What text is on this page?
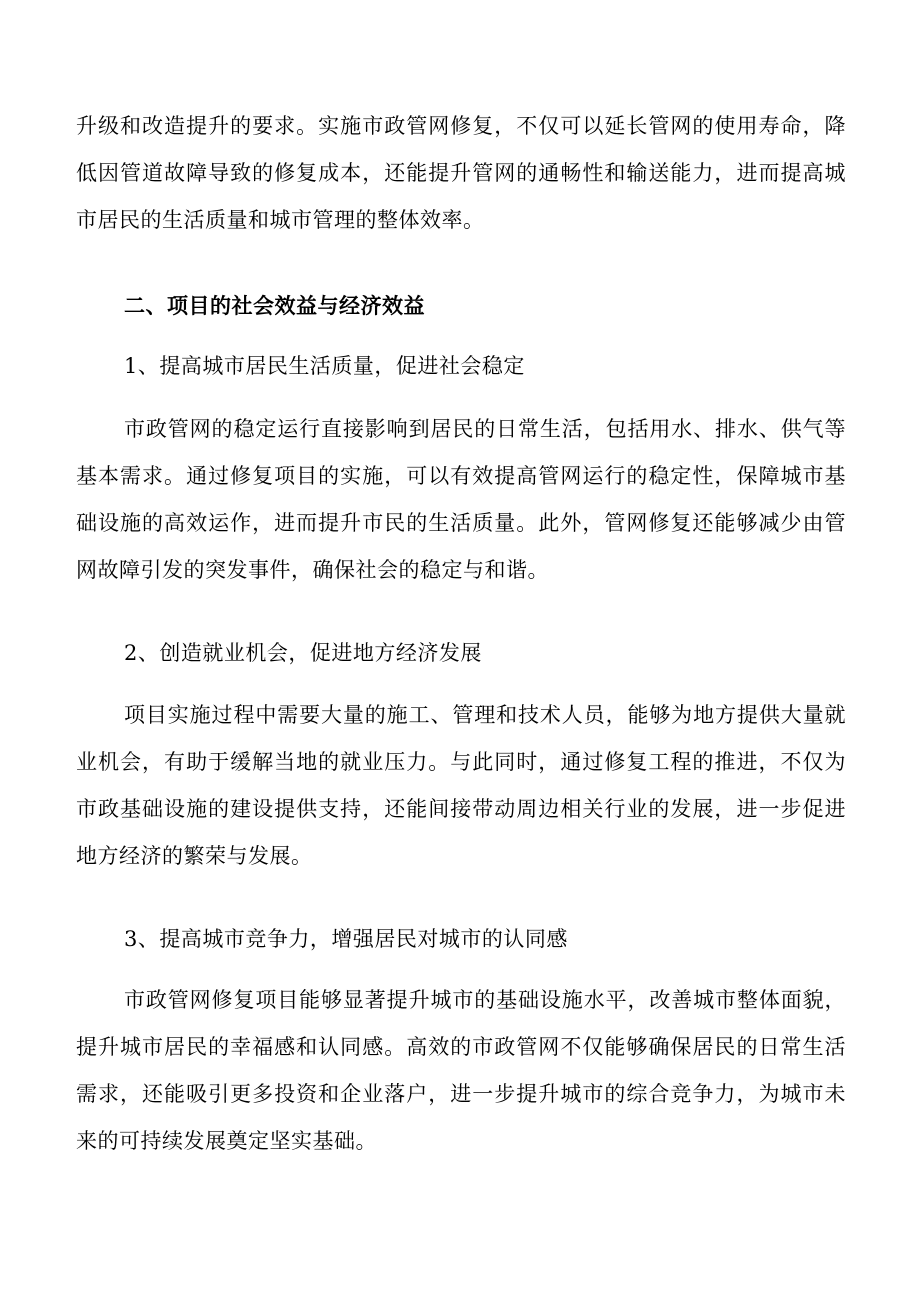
升级和改造提升的要求。实施市政管网修复，不仅可以延长管网的使用寿命，降低因管道故障导致的修复成本，还能提升管网的通畅性和输送能力，进而提高城市居民的生活质量和城市管理的整体效率。

二、项目的社会效益与经济效益

1、提高城市居民生活质量，促进社会稳定

市政管网的稳定运行直接影响到居民的日常生活，包括用水、排水、供气等基本需求。通过修复项目的实施，可以有效提高管网运行的稳定性，保障城市基础设施的高效运作，进而提升市民的生活质量。此外，管网修复还能够减少由管网故障引发的突发事件，确保社会的稳定与和谐。

2、创造就业机会，促进地方经济发展

项目实施过程中需要大量的施工、管理和技术人员，能够为地方提供大量就业机会，有助于缓解当地的就业压力。与此同时，通过修复工程的推进，不仅为市政基础设施的建设提供支持，还能间接带动周边相关行业的发展，进一步促进地方经济的繁荣与发展。

3、提高城市竞争力，增强居民对城市的认同感

市政管网修复项目能够显著提升城市的基础设施水平，改善城市整体面貌，提升城市居民的幸福感和认同感。高效的市政管网不仅能够确保居民的日常生活需求，还能吸引更多投资和企业落户，进一步提升城市的综合竞争力，为城市未来的可持续发展奠定坚实基础。
